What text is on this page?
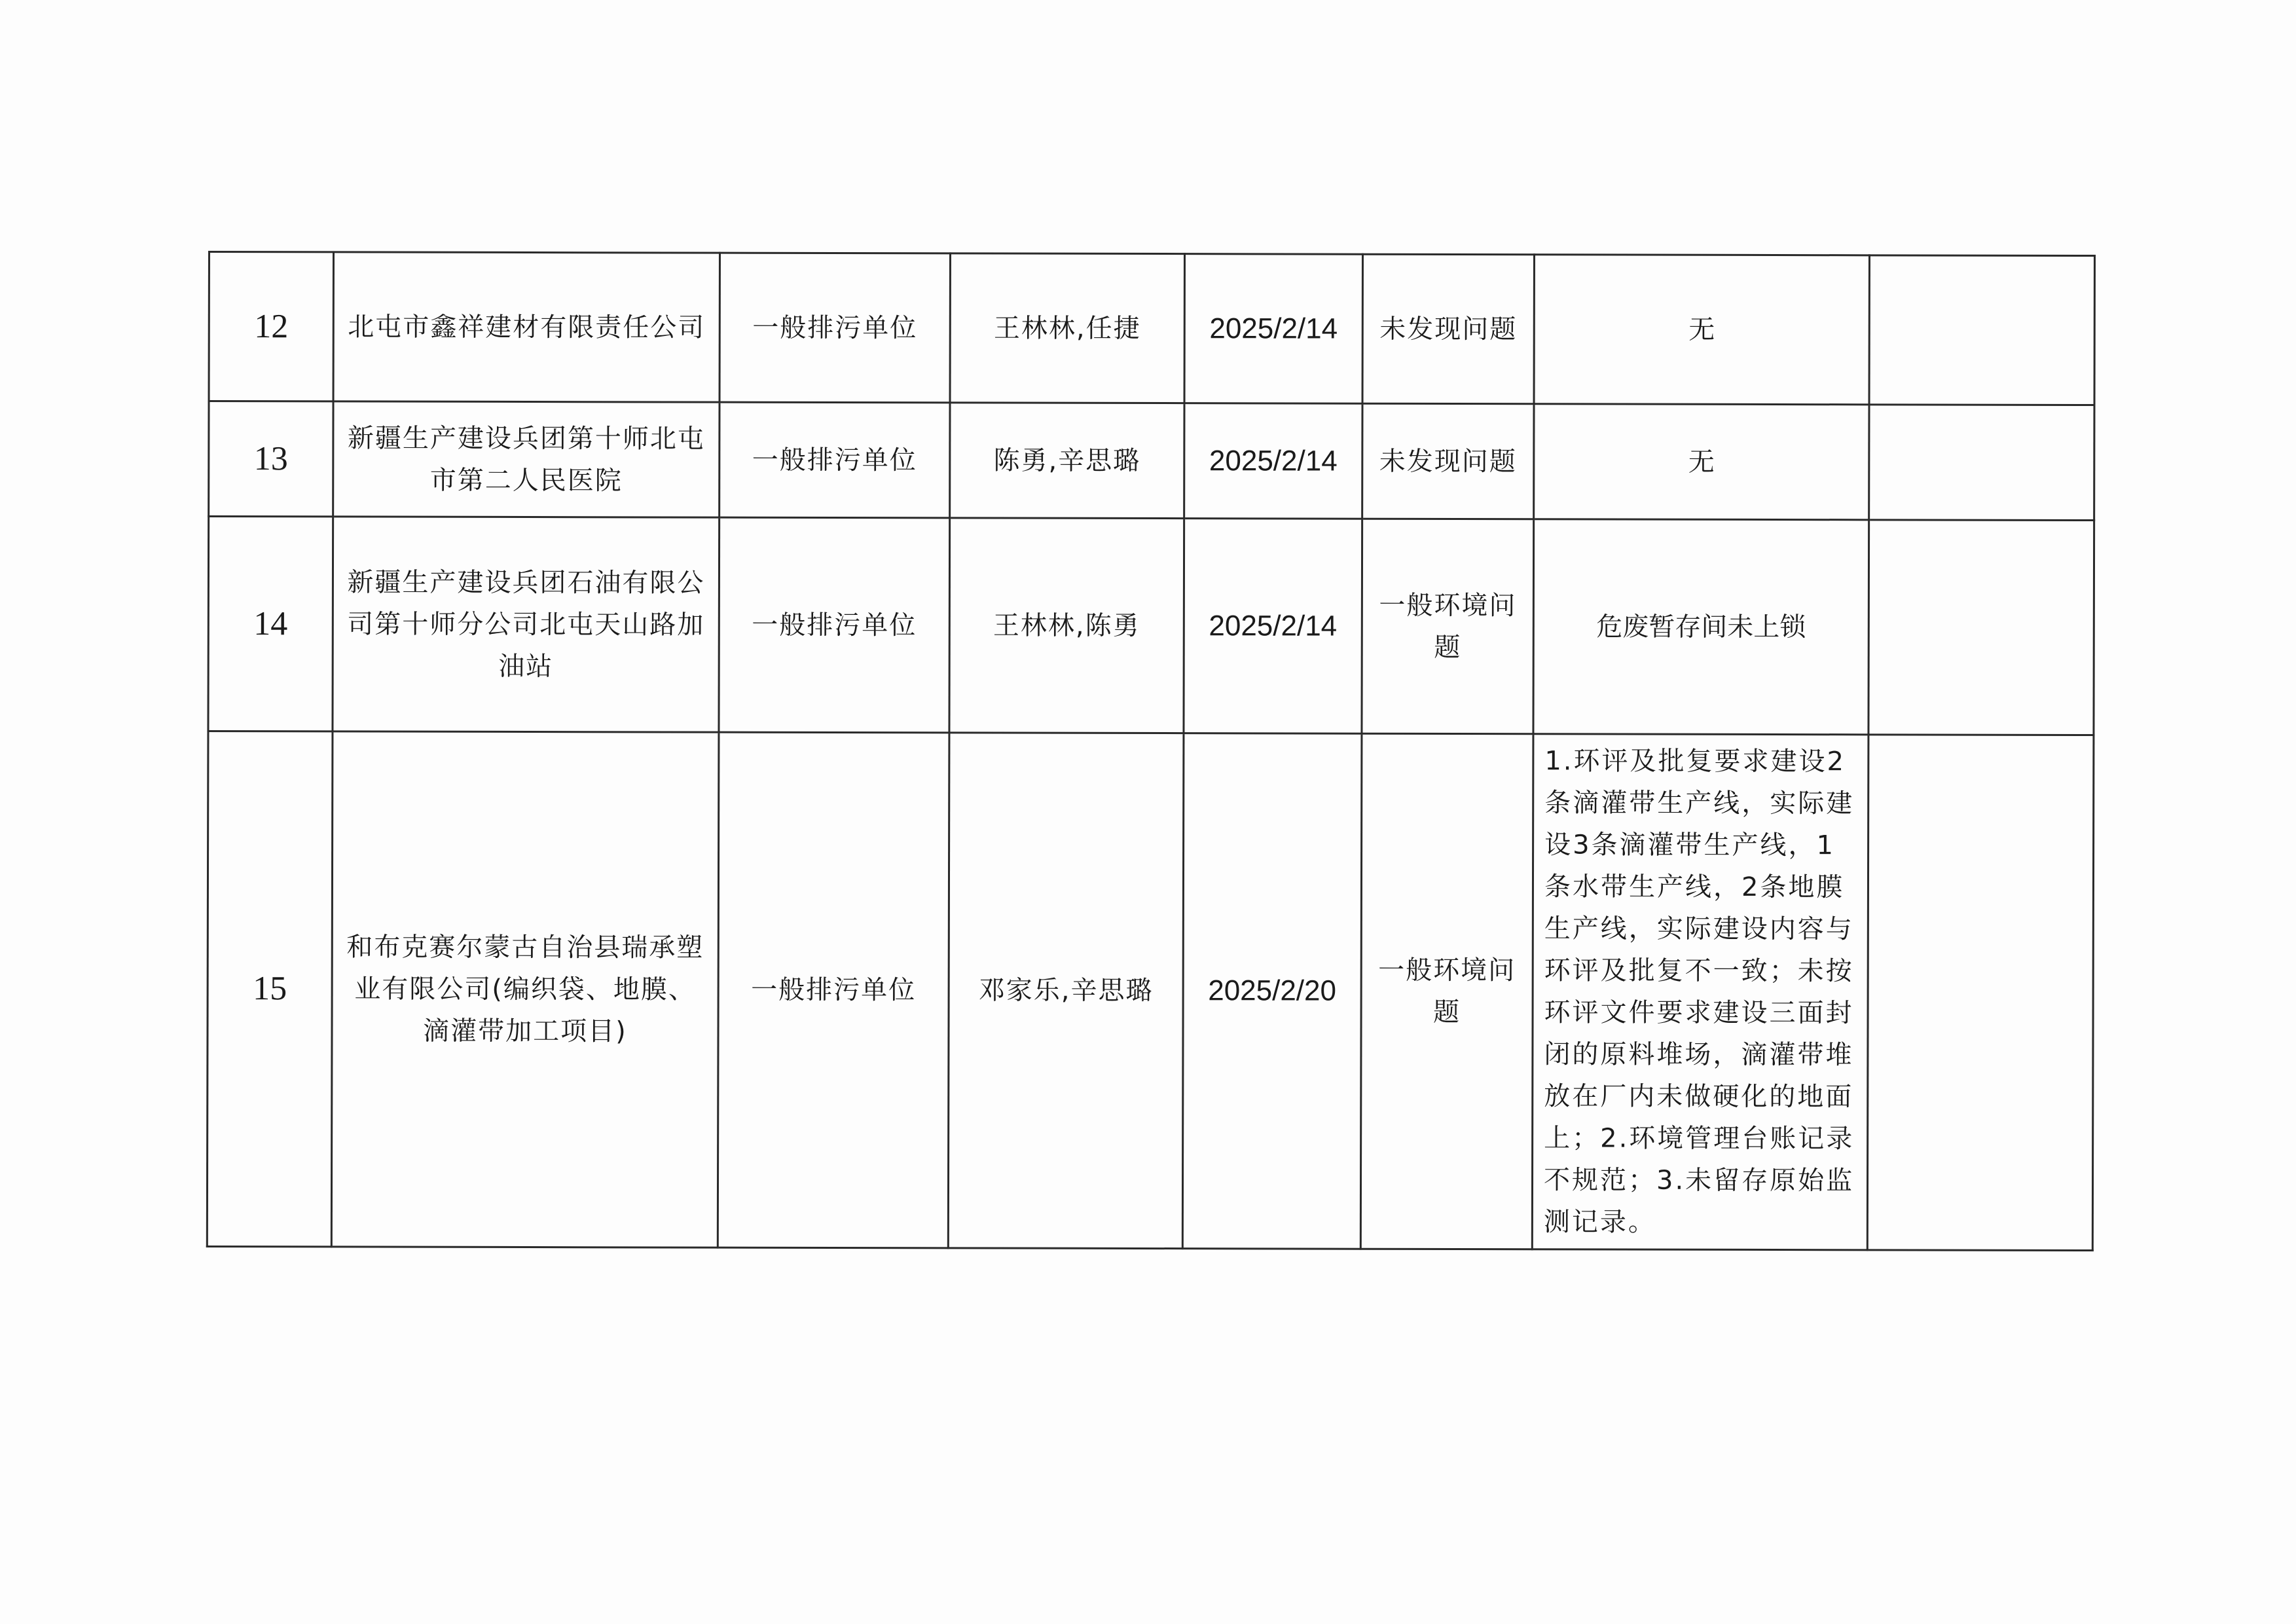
12	北屯市鑫祥建材有限责任公司	一般排污单位	王林林,任捷	2025/2/14	未发现问题	无	
13	新疆生产建设兵团第十师北屯市第二人民医院	一般排污单位	陈勇,辛思璐	2025/2/14	未发现问题	无	
14	新疆生产建设兵团石油有限公司第十师分公司北屯天山路加油站	一般排污单位	王林林,陈勇	2025/2/14	一般环境问题	危废暂存间未上锁	
15	和布克赛尔蒙古自治县瑞承塑业有限公司(编织袋、地膜、滴灌带加工项目)	一般排污单位	邓家乐,辛思璐	2025/2/20	一般环境问题	1.环评及批复要求建设2条滴灌带生产线，实际建设3条滴灌带生产线，1条水带生产线，2条地膜生产线，实际建设内容与环评及批复不一致；未按环评文件要求建设三面封闭的原料堆场，滴灌带堆放在厂内未做硬化的地面上；2.环境管理台账记录不规范；3.未留存原始监测记录。	
